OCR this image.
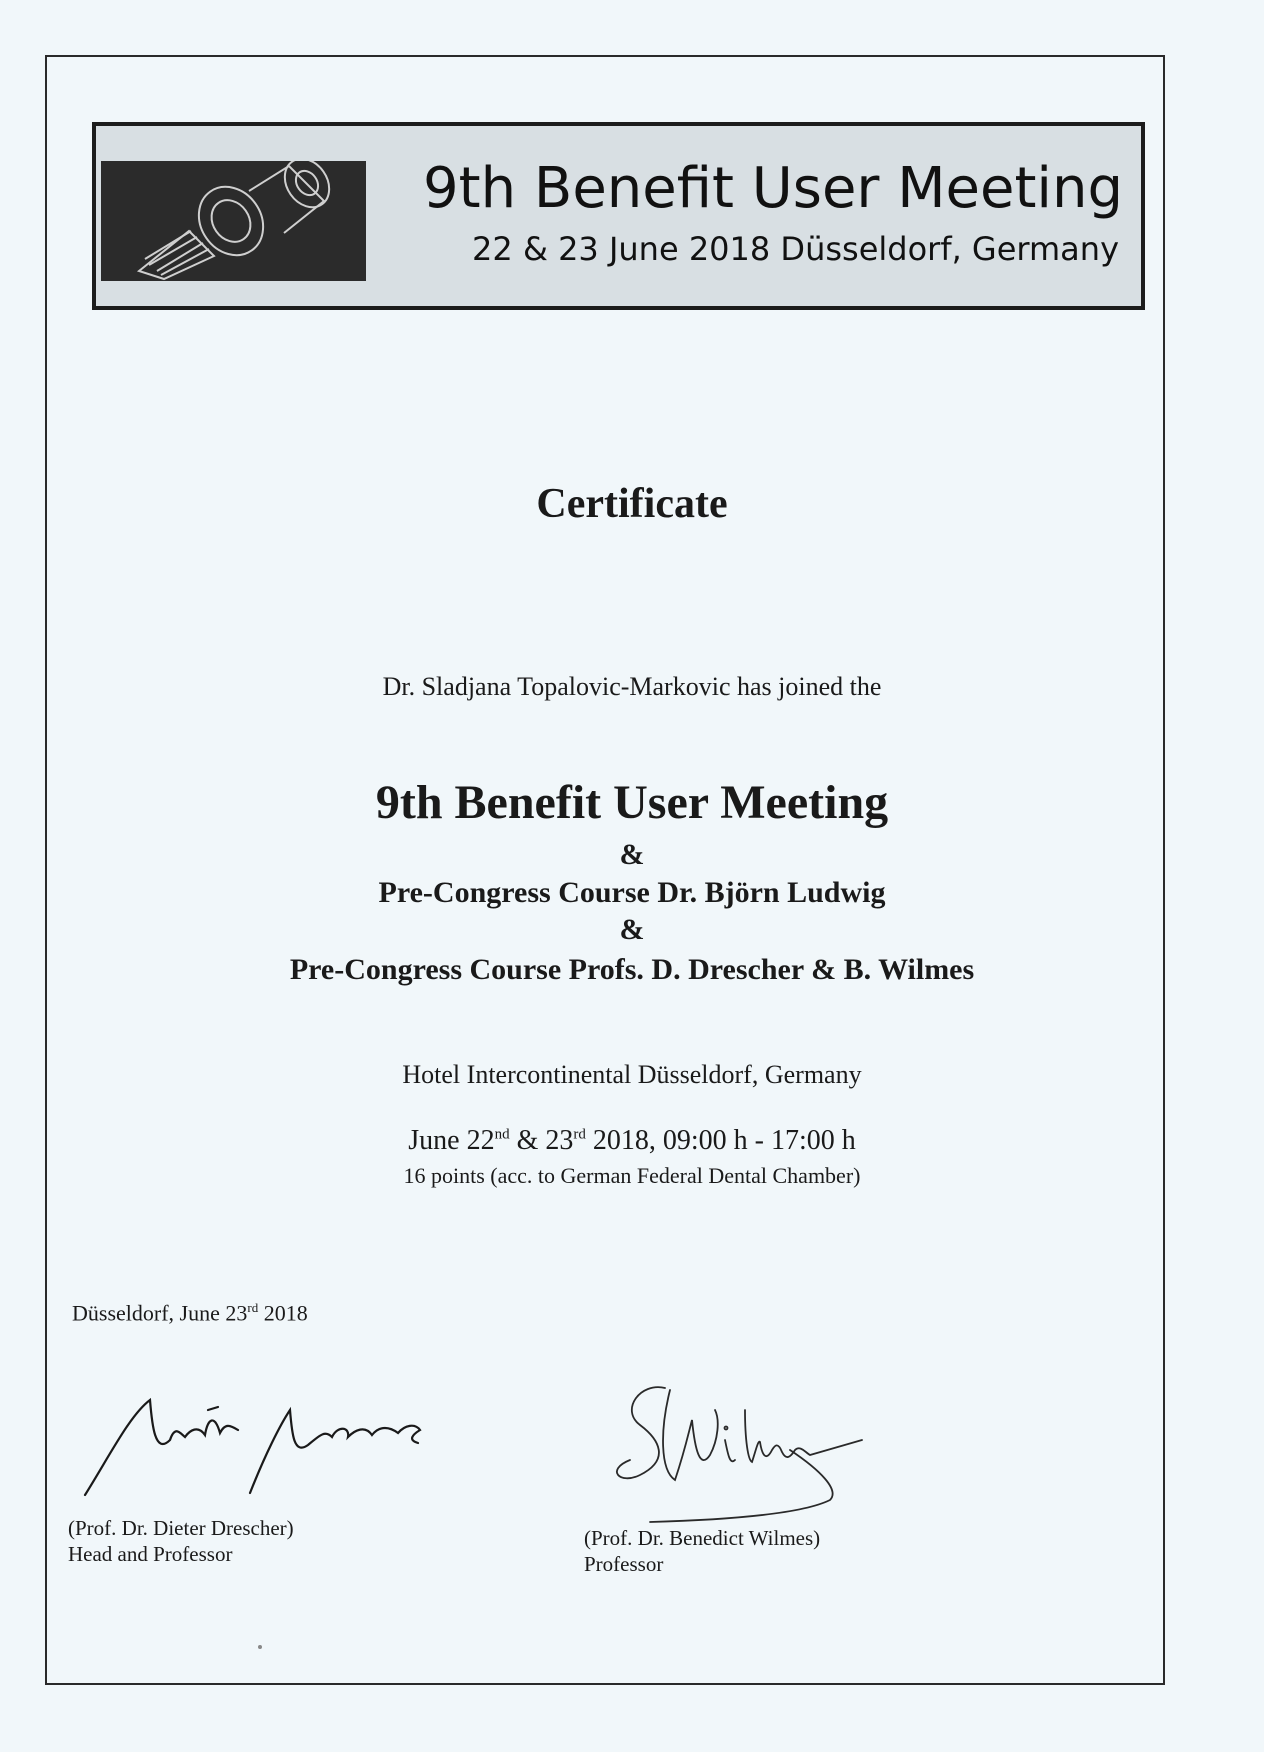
9th Benefit User Meeting
22 & 23 June 2018 Düsseldorf, Germany
Certificate
Dr. Sladjana Topalovic-Markovic has joined the
9th Benefit User Meeting
&
Pre-Congress Course Dr. Björn Ludwig
&
Pre-Congress Course Profs. D. Drescher & B. Wilmes
Hotel Intercontinental Düsseldorf, Germany
June 22nd & 23rd 2018, 09:00 h - 17:00 h
16 points (acc. to German Federal Dental Chamber)
Düsseldorf, June 23rd 2018
(Prof. Dr. Dieter Drescher)
Head and Professor
(Prof. Dr. Benedict Wilmes)
Professor
